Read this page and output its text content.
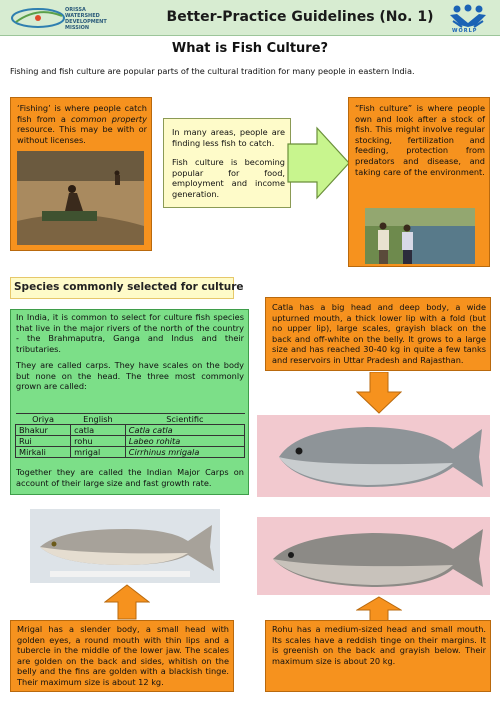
ORISSA WATERSHED DEVELOPMENT MISSION
Better-Practice Guidelines (No. 1)
WORLP
What is Fish Culture?
Fishing and fish culture are popular parts of the cultural tradition for many people in eastern India.
‘Fishing’ is where people catch fish from a common property resource. This may be with or without licenses.
In many areas, people are finding less fish to catch.
Fish culture is becoming popular for food, employment and income generation.
“Fish culture” is where people own and look after a stock of fish. This might involve regular stocking, fertilization and feeding, protection from predators and disease, and taking care of the environment.
Species commonly selected for culture
In India, it is common to select for culture fish species that live in the major rivers of the north of the country - the Brahmaputra, Ganga and Indus and their tributaries.
They are called carps. They have scales on the body but none on the head. The three most commonly grown are called:
Oriya	English	Scientific
Bhakur	catla	Catla catla
Rui	rohu	Labeo rohita
Mirkali	mrigal	Cirrhinus mrigala
Together they are called the Indian Major Carps on account of their large size and fast growth rate.
Catla has a big head and deep body, a wide upturned mouth, a thick lower lip with a fold (but no upper lip), large scales, grayish black on the back and off-white on the belly. It grows to a large size and has reached 30-40 kg in quite a few tanks and reservoirs in Uttar Pradesh and Rajasthan.
Mrigal has a slender body, a small head with golden eyes, a round mouth with thin lips and a tubercle in the middle of the lower jaw. The scales are golden on the back and sides, whitish on the belly and the fins are golden with a blackish tinge. Their maximum size is about 12 kg.
Rohu has a medium-sized head and small mouth. Its scales have a reddish tinge on their margins. It is greenish on the back and grayish below. Their maximum size is about 20 kg.
